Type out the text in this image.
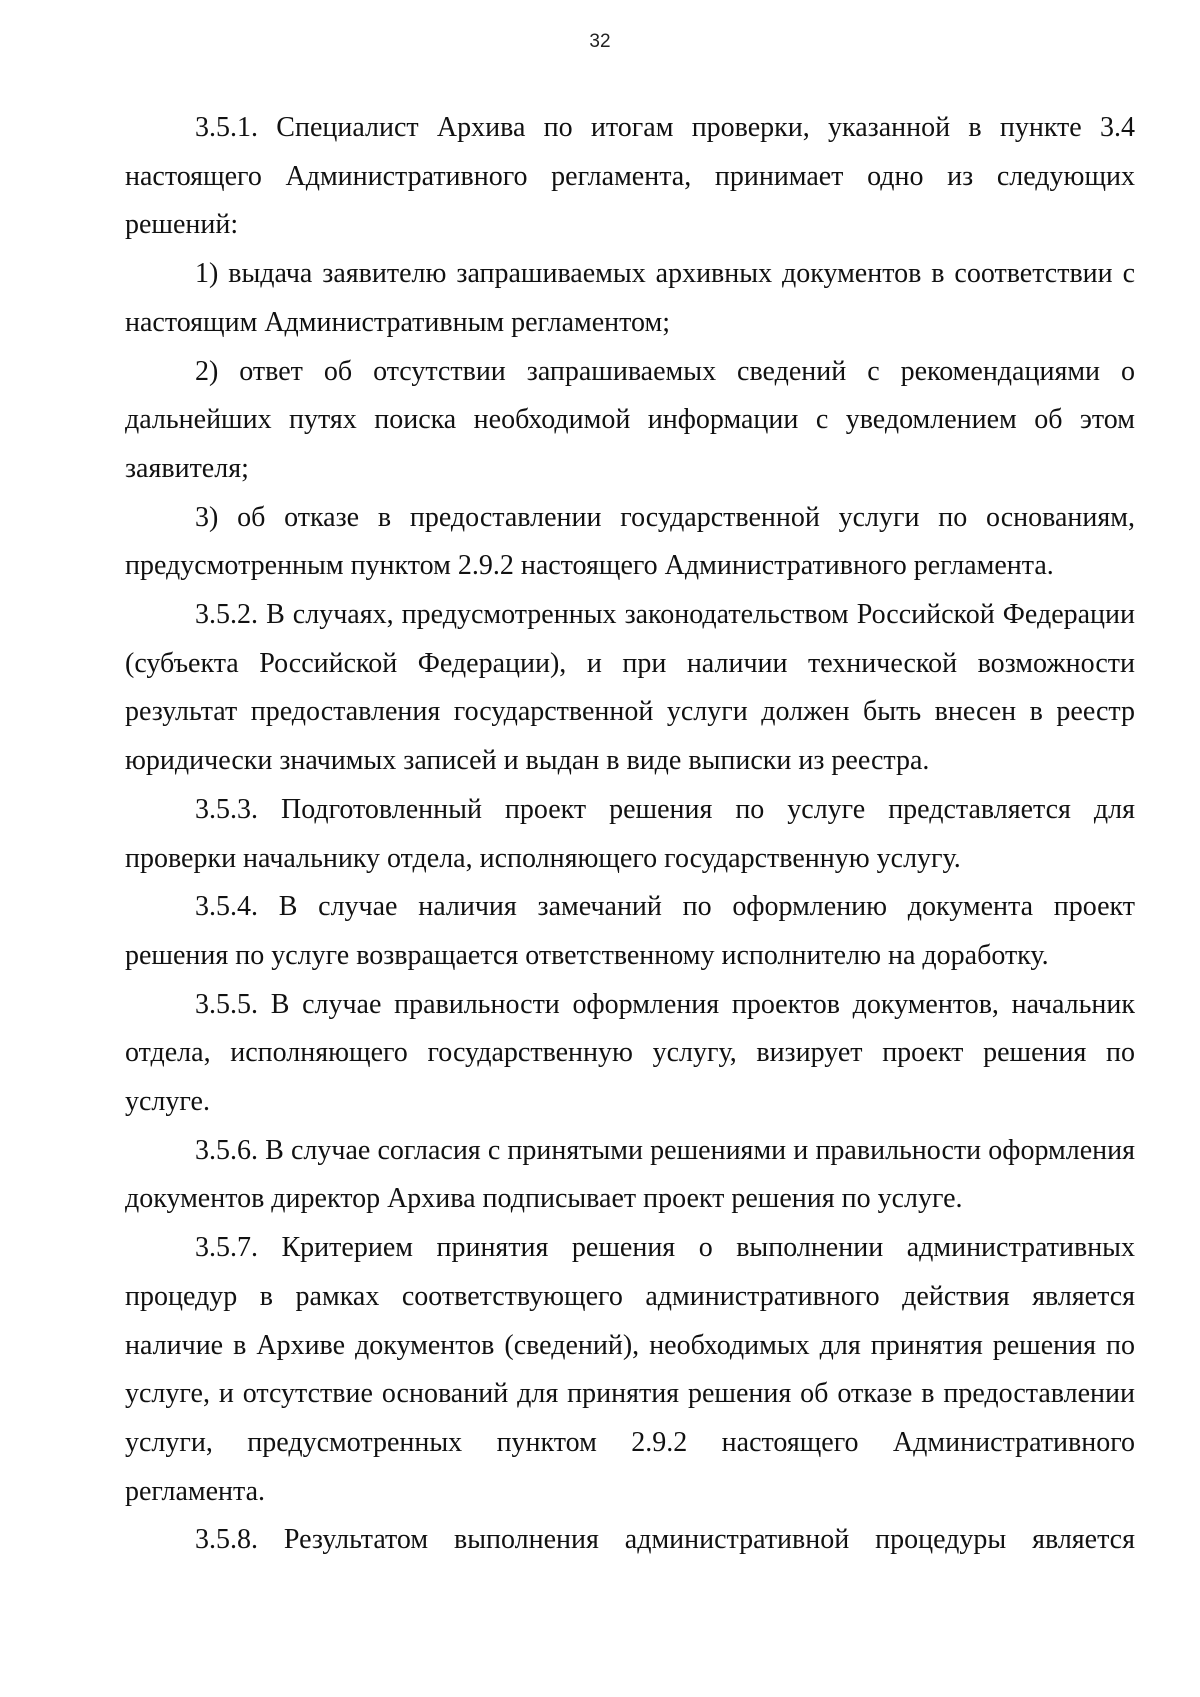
32

3.5.1. Специалист Архива по итогам проверки, указанной в пункте 3.4 настоящего Административного регламента, принимает одно из следующих решений:

1) выдача заявителю запрашиваемых архивных документов в соответствии с настоящим Административным регламентом;

2) ответ об отсутствии запрашиваемых сведений с рекомендациями о дальнейших путях поиска необходимой информации с уведомлением об этом заявителя;

3) об отказе в предоставлении государственной услуги по основаниям, предусмотренным пунктом 2.9.2 настоящего Административного регламента.

3.5.2. В случаях, предусмотренных законодательством Российской Федерации (субъекта Российской Федерации), и при наличии технической возможности результат предоставления государственной услуги должен быть внесен в реестр юридически значимых записей и выдан в виде выписки из реестра.

3.5.3. Подготовленный проект решения по услуге представляется для проверки начальнику отдела, исполняющего государственную услугу.

3.5.4. В случае наличия замечаний по оформлению документа проект решения по услуге возвращается ответственному исполнителю на доработку.

3.5.5. В случае правильности оформления проектов документов, начальник отдела, исполняющего государственную услугу, визирует проект решения по услуге.

3.5.6. В случае согласия с принятыми решениями и правильности оформления документов директор Архива подписывает проект решения по услуге.

3.5.7. Критерием принятия решения о выполнении административных процедур в рамках соответствующего административного действия является наличие в Архиве документов (сведений), необходимых для принятия решения по услуге, и отсутствие оснований для принятия решения об отказе в предоставлении услуги, предусмотренных пунктом 2.9.2 настоящего Административного регламента.

3.5.8. Результатом выполнения административной процедуры является
